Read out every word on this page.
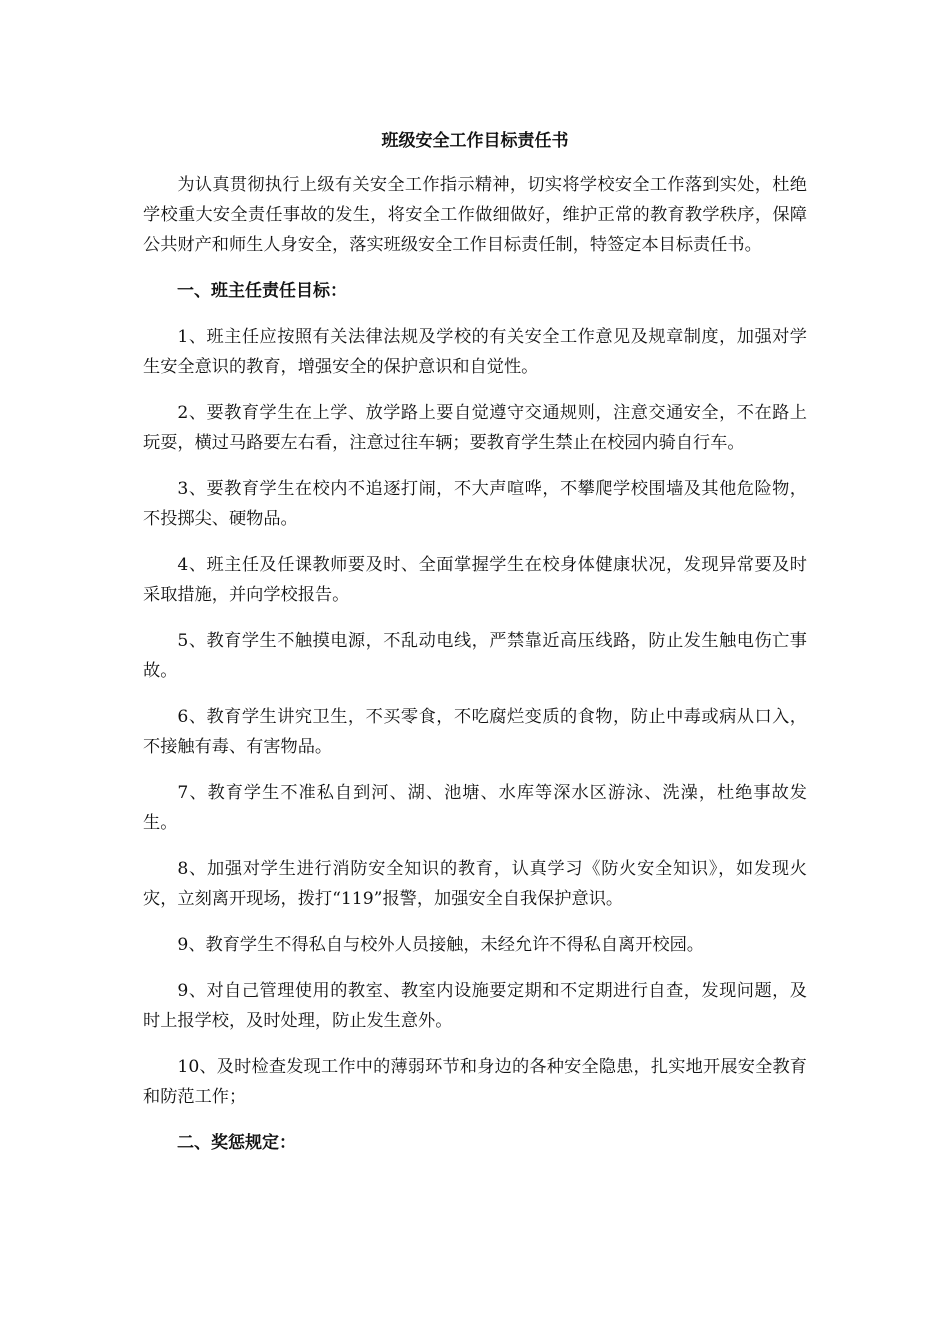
班级安全工作目标责任书

为认真贯彻执行上级有关安全工作指示精神，切实将学校安全工作落到实处，杜绝学校重大安全责任事故的发生，将安全工作做细做好，维护正常的教育教学秩序，保障公共财产和师生人身安全，落实班级安全工作目标责任制，特签定本目标责任书。

一、班主任责任目标：

1、班主任应按照有关法律法规及学校的有关安全工作意见及规章制度，加强对学生安全意识的教育，增强安全的保护意识和自觉性。

2、要教育学生在上学、放学路上要自觉遵守交通规则，注意交通安全，不在路上玩耍，横过马路要左右看，注意过往车辆；要教育学生禁止在校园内骑自行车。

3、要教育学生在校内不追逐打闹，不大声喧哗，不攀爬学校围墙及其他危险物，不投掷尖、硬物品。

4、班主任及任课教师要及时、全面掌握学生在校身体健康状况，发现异常要及时采取措施，并向学校报告。

5、教育学生不触摸电源，不乱动电线，严禁靠近高压线路，防止发生触电伤亡事故。

6、教育学生讲究卫生，不买零食，不吃腐烂变质的食物，防止中毒或病从口入，不接触有毒、有害物品。

7、教育学生不准私自到河、湖、池塘、水库等深水区游泳、洗澡，杜绝事故发生。

8、加强对学生进行消防安全知识的教育，认真学习《防火安全知识》，如发现火灾，立刻离开现场，拨打“119”报警，加强安全自我保护意识。

9、教育学生不得私自与校外人员接触，未经允许不得私自离开校园。

9、对自己管理使用的教室、教室内设施要定期和不定期进行自查，发现问题，及时上报学校，及时处理，防止发生意外。

10、及时检查发现工作中的薄弱环节和身边的各种安全隐患，扎实地开展安全教育和防范工作；

二、奖惩规定：
